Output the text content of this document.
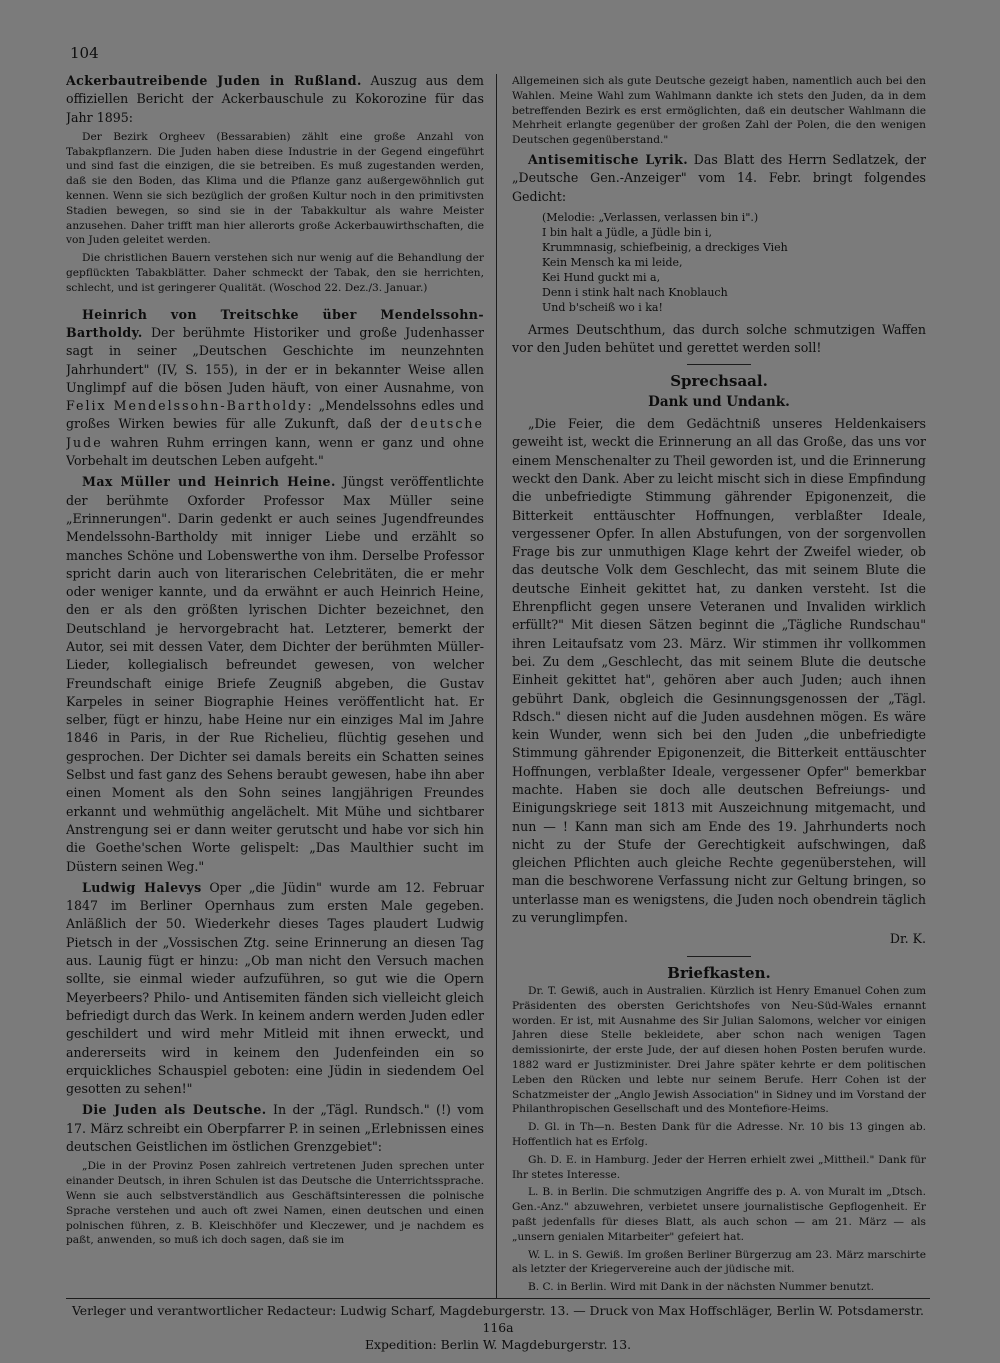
104

Ackerbautreibende Juden in Rußland. Auszug aus dem offiziellen Bericht der Ackerbauschule zu Kokorozine für das Jahr 1895:

Der Bezirk Orgheev (Bessarabien) zählt eine große Anzahl von Tabakpflanzern. Die Juden haben diese Industrie in der Gegend eingeführt und sind fast die einzigen, die sie betreiben. Es muß zugestanden werden, daß sie den Boden, das Klima und die Pflanze ganz außergewöhnlich gut kennen. Wenn sie sich bezüglich der großen Kultur noch in den primitivsten Stadien bewegen, so sind sie in der Tabakkultur als wahre Meister anzusehen. Daher trifft man hier allerorts große Ackerbauwirthschaften, die von Juden geleitet werden.

Die christlichen Bauern verstehen sich nur wenig auf die Behandlung der gepflückten Tabakblätter. Daher schmeckt der Tabak, den sie herrichten, schlecht, und ist geringerer Qualität. (Woschod 22. Dez./3. Januar.)

Heinrich von Treitschke über Mendelssohn-Bartholdy. Der berühmte Historiker und große Judenhasser sagt in seiner „Deutschen Geschichte im neunzehnten Jahrhundert" (IV, S. 155), in der er in bekannter Weise allen Unglimpf auf die bösen Juden häuft, von einer Ausnahme, von Felix Mendelssohn-Bartholdy: „Mendelssohns edles und großes Wirken bewies für alle Zukunft, daß der deutsche Jude wahren Ruhm erringen kann, wenn er ganz und ohne Vorbehalt im deutschen Leben aufgeht."

Max Müller und Heinrich Heine. Jüngst veröffentlichte der berühmte Oxforder Professor Max Müller seine „Erinnerungen". Darin gedenkt er auch seines Jugendfreundes Mendelssohn-Bartholdy mit inniger Liebe und erzählt so manches Schöne und Lobenswerthe von ihm. Derselbe Professor spricht darin auch von literarischen Celebritäten, die er mehr oder weniger kannte, und da erwähnt er auch Heinrich Heine, den er als den größten lyrischen Dichter bezeichnet, den Deutschland je hervorgebracht hat. Letzterer, bemerkt der Autor, sei mit dessen Vater, dem Dichter der berühmten Müller-Lieder, kollegialisch befreundet gewesen, von welcher Freundschaft einige Briefe Zeugniß abgeben, die Gustav Karpeles in seiner Biographie Heines veröffentlicht hat. Er selber, fügt er hinzu, habe Heine nur ein einziges Mal im Jahre 1846 in Paris, in der Rue Richelieu, flüchtig gesehen und gesprochen. Der Dichter sei damals bereits ein Schatten seines Selbst und fast ganz des Sehens beraubt gewesen, habe ihn aber einen Moment als den Sohn seines langjährigen Freundes erkannt und wehmüthig angelächelt. Mit Mühe und sichtbarer Anstrengung sei er dann weiter gerutscht und habe vor sich hin die Goethe'schen Worte gelispelt: „Das Maulthier sucht im Düstern seinen Weg."

Ludwig Halevys Oper „die Jüdin" wurde am 12. Februar 1847 im Berliner Opernhaus zum ersten Male gegeben. Anläßlich der 50. Wiederkehr dieses Tages plaudert Ludwig Pietsch in der „Vossischen Ztg. seine Erinnerung an diesen Tag aus. Launig fügt er hinzu: „Ob man nicht den Versuch machen sollte, sie einmal wieder aufzuführen, so gut wie die Opern Meyerbeers? Philo- und Antisemiten fänden sich vielleicht gleich befriedigt durch das Werk. In keinem andern werden Juden edler geschildert und wird mehr Mitleid mit ihnen erweckt, und andererseits wird in keinem den Judenfeinden ein so erquickliches Schauspiel geboten: eine Jüdin in siedendem Oel gesotten zu sehen!"

Die Juden als Deutsche. In der „Tägl. Rundsch." (!) vom 17. März schreibt ein Oberpfarrer P. in seinen „Erlebnissen eines deutschen Geistlichen im östlichen Grenzgebiet":

„Die in der Provinz Posen zahlreich vertretenen Juden sprechen unter einander Deutsch, in ihren Schulen ist das Deutsche die Unterrichtssprache. Wenn sie auch selbstverständlich aus Geschäftsinteressen die polnische Sprache verstehen und auch oft zwei Namen, einen deutschen und einen polnischen führen, z. B. Kleischhöfer und Kleczewer, und je nachdem es paßt, anwenden, so muß ich doch sagen, daß sie im

Allgemeinen sich als gute Deutsche gezeigt haben, namentlich auch bei den Wahlen. Meine Wahl zum Wahlmann dankte ich stets den Juden, da in dem betreffenden Bezirk es erst ermöglichten, daß ein deutscher Wahlmann die Mehrheit erlangte gegenüber der großen Zahl der Polen, die den wenigen Deutschen gegenüberstand."

Antisemitische Lyrik. Das Blatt des Herrn Sedlatzek, der „Deutsche Gen.-Anzeiger" vom 14. Febr. bringt folgendes Gedicht:

(Melodie: „Verlassen, verlassen bin i".)
I bin halt a Jüdle, a Jüdle bin i,
Krummnasig, schiefbeinig, a dreckiges Vieh
Kein Mensch ka mi leide,
Kei Hund guckt mi a,
Denn i stink halt nach Knoblauch
Und b'scheiß wo i ka!

Armes Deutschthum, das durch solche schmutzigen Waffen vor den Juden behütet und gerettet werden soll!

Sprechsaal.
Dank und Undank.

„Die Feier, die dem Gedächtniß unseres Heldenkaisers geweiht ist, weckt die Erinnerung an all das Große, das uns vor einem Menschenalter zu Theil geworden ist, und die Erinnerung weckt den Dank. Aber zu leicht mischt sich in diese Empfindung die unbefriedigte Stimmung gährender Epigonenzeit, die Bitterkeit enttäuschter Hoffnungen, verblaßter Ideale, vergessener Opfer. In allen Abstufungen, von der sorgenvollen Frage bis zur unmuthigen Klage kehrt der Zweifel wieder, ob das deutsche Volk dem Geschlecht, das mit seinem Blute die deutsche Einheit gekittet hat, zu danken versteht. Ist die Ehrenpflicht gegen unsere Veteranen und Invaliden wirklich erfüllt?" Mit diesen Sätzen beginnt die „Tägliche Rundschau" ihren Leitaufsatz vom 23. März. Wir stimmen ihr vollkommen bei. Zu dem „Geschlecht, das mit seinem Blute die deutsche Einheit gekittet hat", gehören aber auch Juden; auch ihnen gebührt Dank, obgleich die Gesinnungsgenossen der „Tägl. Rdsch." diesen nicht auf die Juden ausdehnen mögen. Es wäre kein Wunder, wenn sich bei den Juden „die unbefriedigte Stimmung gährender Epigonenzeit, die Bitterkeit enttäuschter Hoffnungen, verblaßter Ideale, vergessener Opfer" bemerkbar machte. Haben sie doch alle deutschen Befreiungs- und Einigungskriege seit 1813 mit Auszeichnung mitgemacht, und nun — ! Kann man sich am Ende des 19. Jahrhunderts noch nicht zu der Stufe der Gerechtigkeit aufschwingen, daß gleichen Pflichten auch gleiche Rechte gegenüberstehen, will man die beschworene Verfassung nicht zur Geltung bringen, so unterlasse man es wenigstens, die Juden noch obendrein täglich zu verunglimpfen.

Dr. K.

Briefkasten.

Dr. T. Gewiß, auch in Australien. Kürzlich ist Henry Emanuel Cohen zum Präsidenten des obersten Gerichtshofes von Neu-Süd-Wales ernannt worden. Er ist, mit Ausnahme des Sir Julian Salomons, welcher vor einigen Jahren diese Stelle bekleidete, aber schon nach wenigen Tagen demissionirte, der erste Jude, der auf diesen hohen Posten berufen wurde. 1882 ward er Justizminister. Drei Jahre später kehrte er dem politischen Leben den Rücken und lebte nur seinem Berufe. Herr Cohen ist der Schatzmeister der „Anglo Jewish Association" in Sidney und im Vorstand der Philanthropischen Gesellschaft und des Montefiore-Heims.

D. Gl. in Th—n. Besten Dank für die Adresse. Nr. 10 bis 13 gingen ab. Hoffentlich hat es Erfolg.

Gh. D. E. in Hamburg. Jeder der Herren erhielt zwei „Mittheil." Dank für Ihr stetes Interesse.

L. B. in Berlin. Die schmutzigen Angriffe des p. A. von Muralt im „Dtsch. Gen.-Anz." abzuwehren, verbietet unsere journalistische Gepflogenheit. Er paßt jedenfalls für dieses Blatt, als auch schon — am 21. März — als „unsern genialen Mitarbeiter" gefeiert hat.

W. L. in S. Gewiß. Im großen Berliner Bürgerzug am 23. März marschirte als letzter der Kriegervereine auch der jüdische mit.

B. C. in Berlin. Wird mit Dank in der nächsten Nummer benutzt.

Verleger und verantwortlicher Redacteur: Ludwig Scharf, Magdeburgerstr. 13. — Druck von Max Hoffschläger, Berlin W. Potsdamerstr. 116a
Expedition: Berlin W. Magdeburgerstr. 13.
